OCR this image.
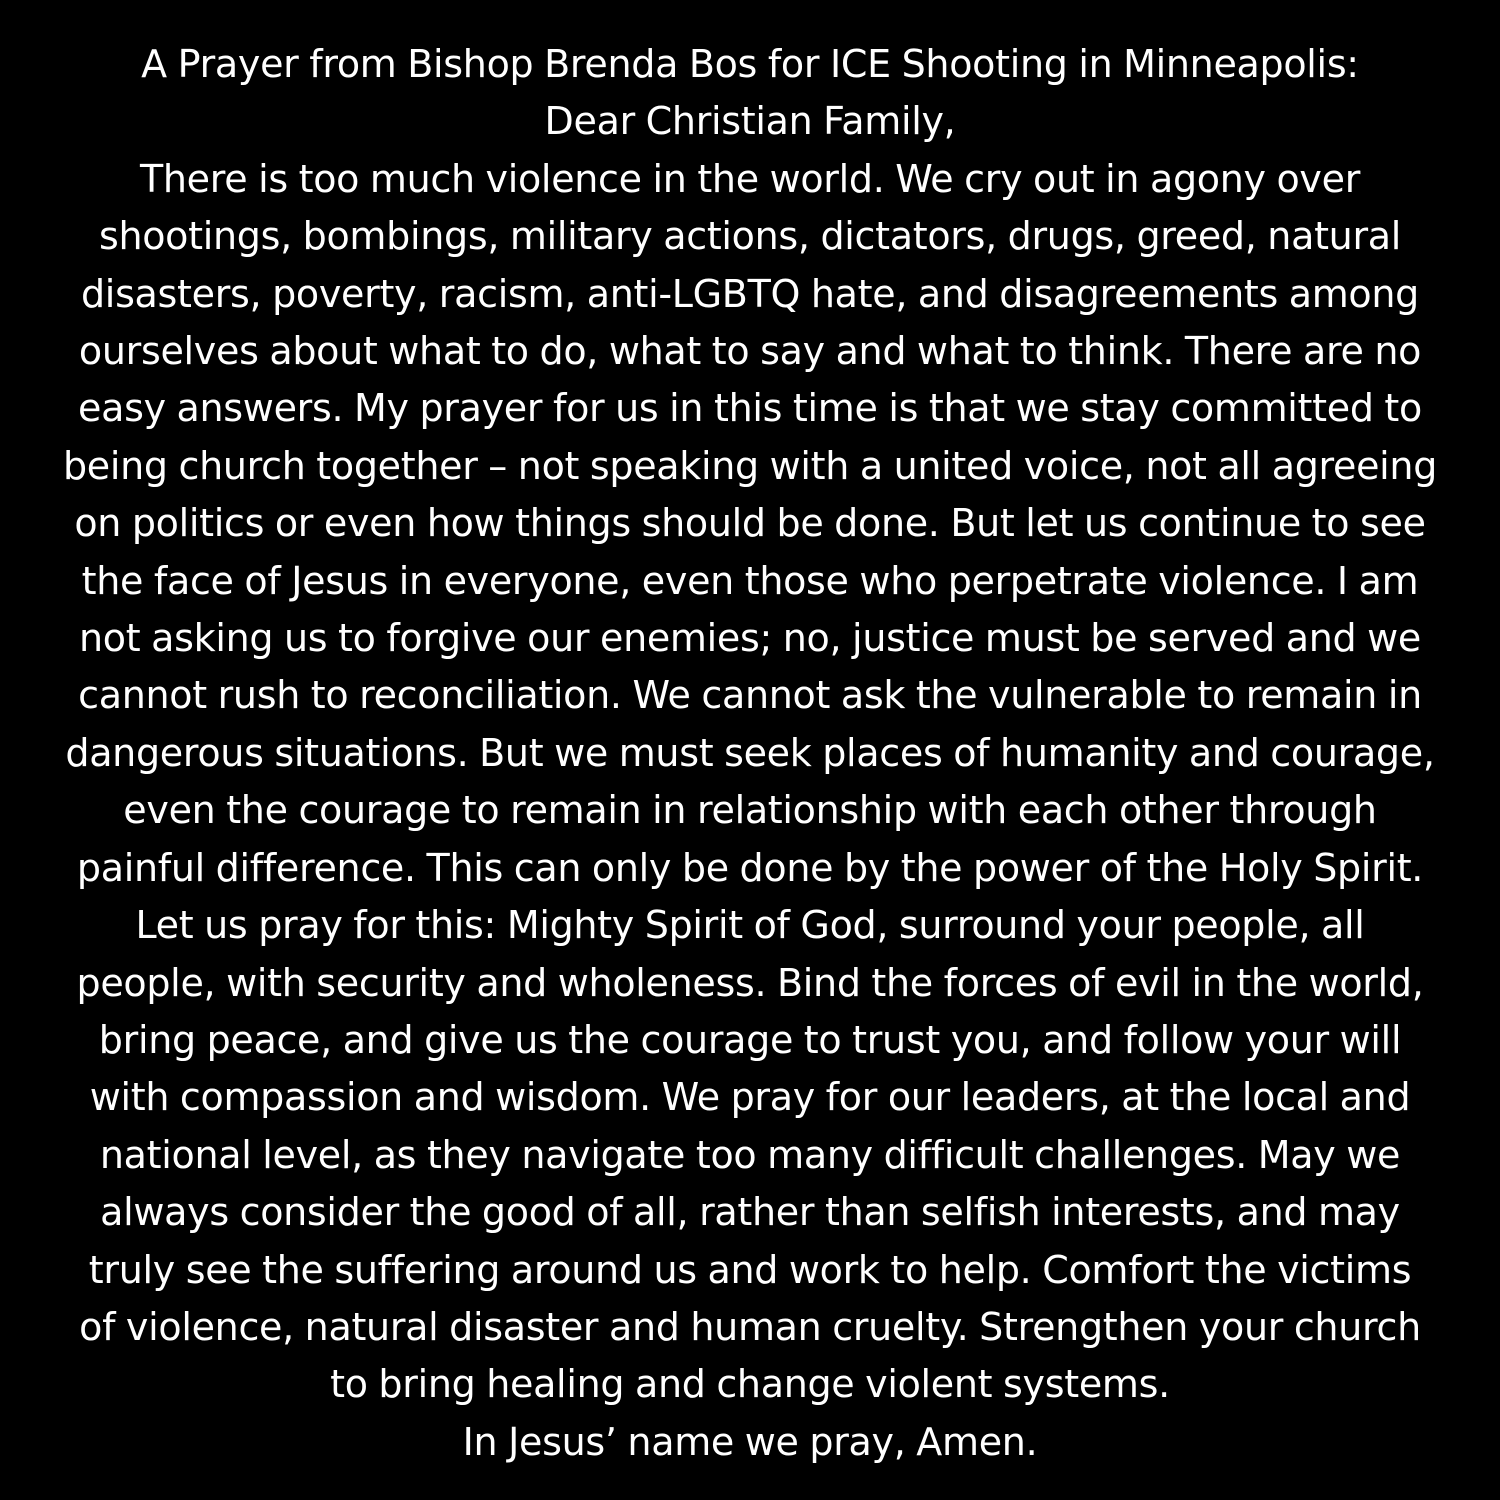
A Prayer from Bishop Brenda Bos for ICE Shooting in Minneapolis:
Dear Christian Family,
There is too much violence in the world. We cry out in agony over
shootings, bombings, military actions, dictators, drugs, greed, natural
disasters, poverty, racism, anti-LGBTQ hate, and disagreements among
ourselves about what to do, what to say and what to think. There are no
easy answers. My prayer for us in this time is that we stay committed to
being church together – not speaking with a united voice, not all agreeing
on politics or even how things should be done. But let us continue to see
the face of Jesus in everyone, even those who perpetrate violence. I am
not asking us to forgive our enemies; no, justice must be served and we
cannot rush to reconciliation. We cannot ask the vulnerable to remain in
dangerous situations. But we must seek places of humanity and courage,
even the courage to remain in relationship with each other through
painful difference. This can only be done by the power of the Holy Spirit.
Let us pray for this: Mighty Spirit of God, surround your people, all
people, with security and wholeness. Bind the forces of evil in the world,
bring peace, and give us the courage to trust you, and follow your will
with compassion and wisdom. We pray for our leaders, at the local and
national level, as they navigate too many difficult challenges. May we
always consider the good of all, rather than selfish interests, and may
truly see the suffering around us and work to help. Comfort the victims
of violence, natural disaster and human cruelty. Strengthen your church
to bring healing and change violent systems.
In Jesus’ name we pray, Amen.
